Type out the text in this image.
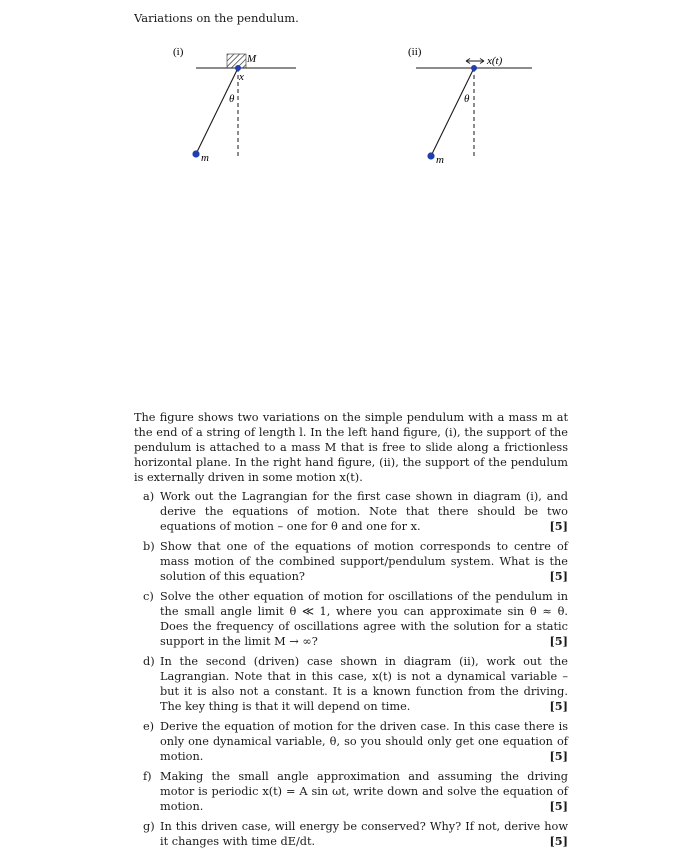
Variations on the pendulum.
(i)
M
x
θ
m
(ii)
x(t)
θ
m

The figure shows two variations on the simple pendulum with a mass m at the end of a string of length l. In the left hand figure, (i), the support of the pendulum is attached to a mass M that is free to slide along a frictionless horizontal plane. In the right hand figure, (ii), the support of the pendulum is externally driven in some motion x(t).

a) Work out the Lagrangian for the first case shown in diagram (i), and derive the equations of motion. Note that there should be two equations of motion – one for θ and one for x.	[5]
b) Show that one of the equations of motion corresponds to centre of mass motion of the combined support/pendulum system. What is the solution of this equation?	[5]
c) Solve the other equation of motion for oscillations of the pendulum in the small angle limit θ ≪ 1, where you can approximate sin θ ≈ θ. Does the frequency of oscillations agree with the solution for a static support in the limit M → ∞?	[5]
d) In the second (driven) case shown in diagram (ii), work out the Lagrangian. Note that in this case, x(t) is not a dynamical variable – but it is also not a constant. It is a known function from the driving. The key thing is that it will depend on time.	[5]
e) Derive the equation of motion for the driven case. In this case there is only one dynamical variable, θ, so you should only get one equation of motion.	[5]
f) Making the small angle approximation and assuming the driving motor is periodic x(t) = A sin ωt, write down and solve the equation of motion.	[5]
g) In this driven case, will energy be conserved? Why? If not, derive how it changes with time dE/dt.	[5]
